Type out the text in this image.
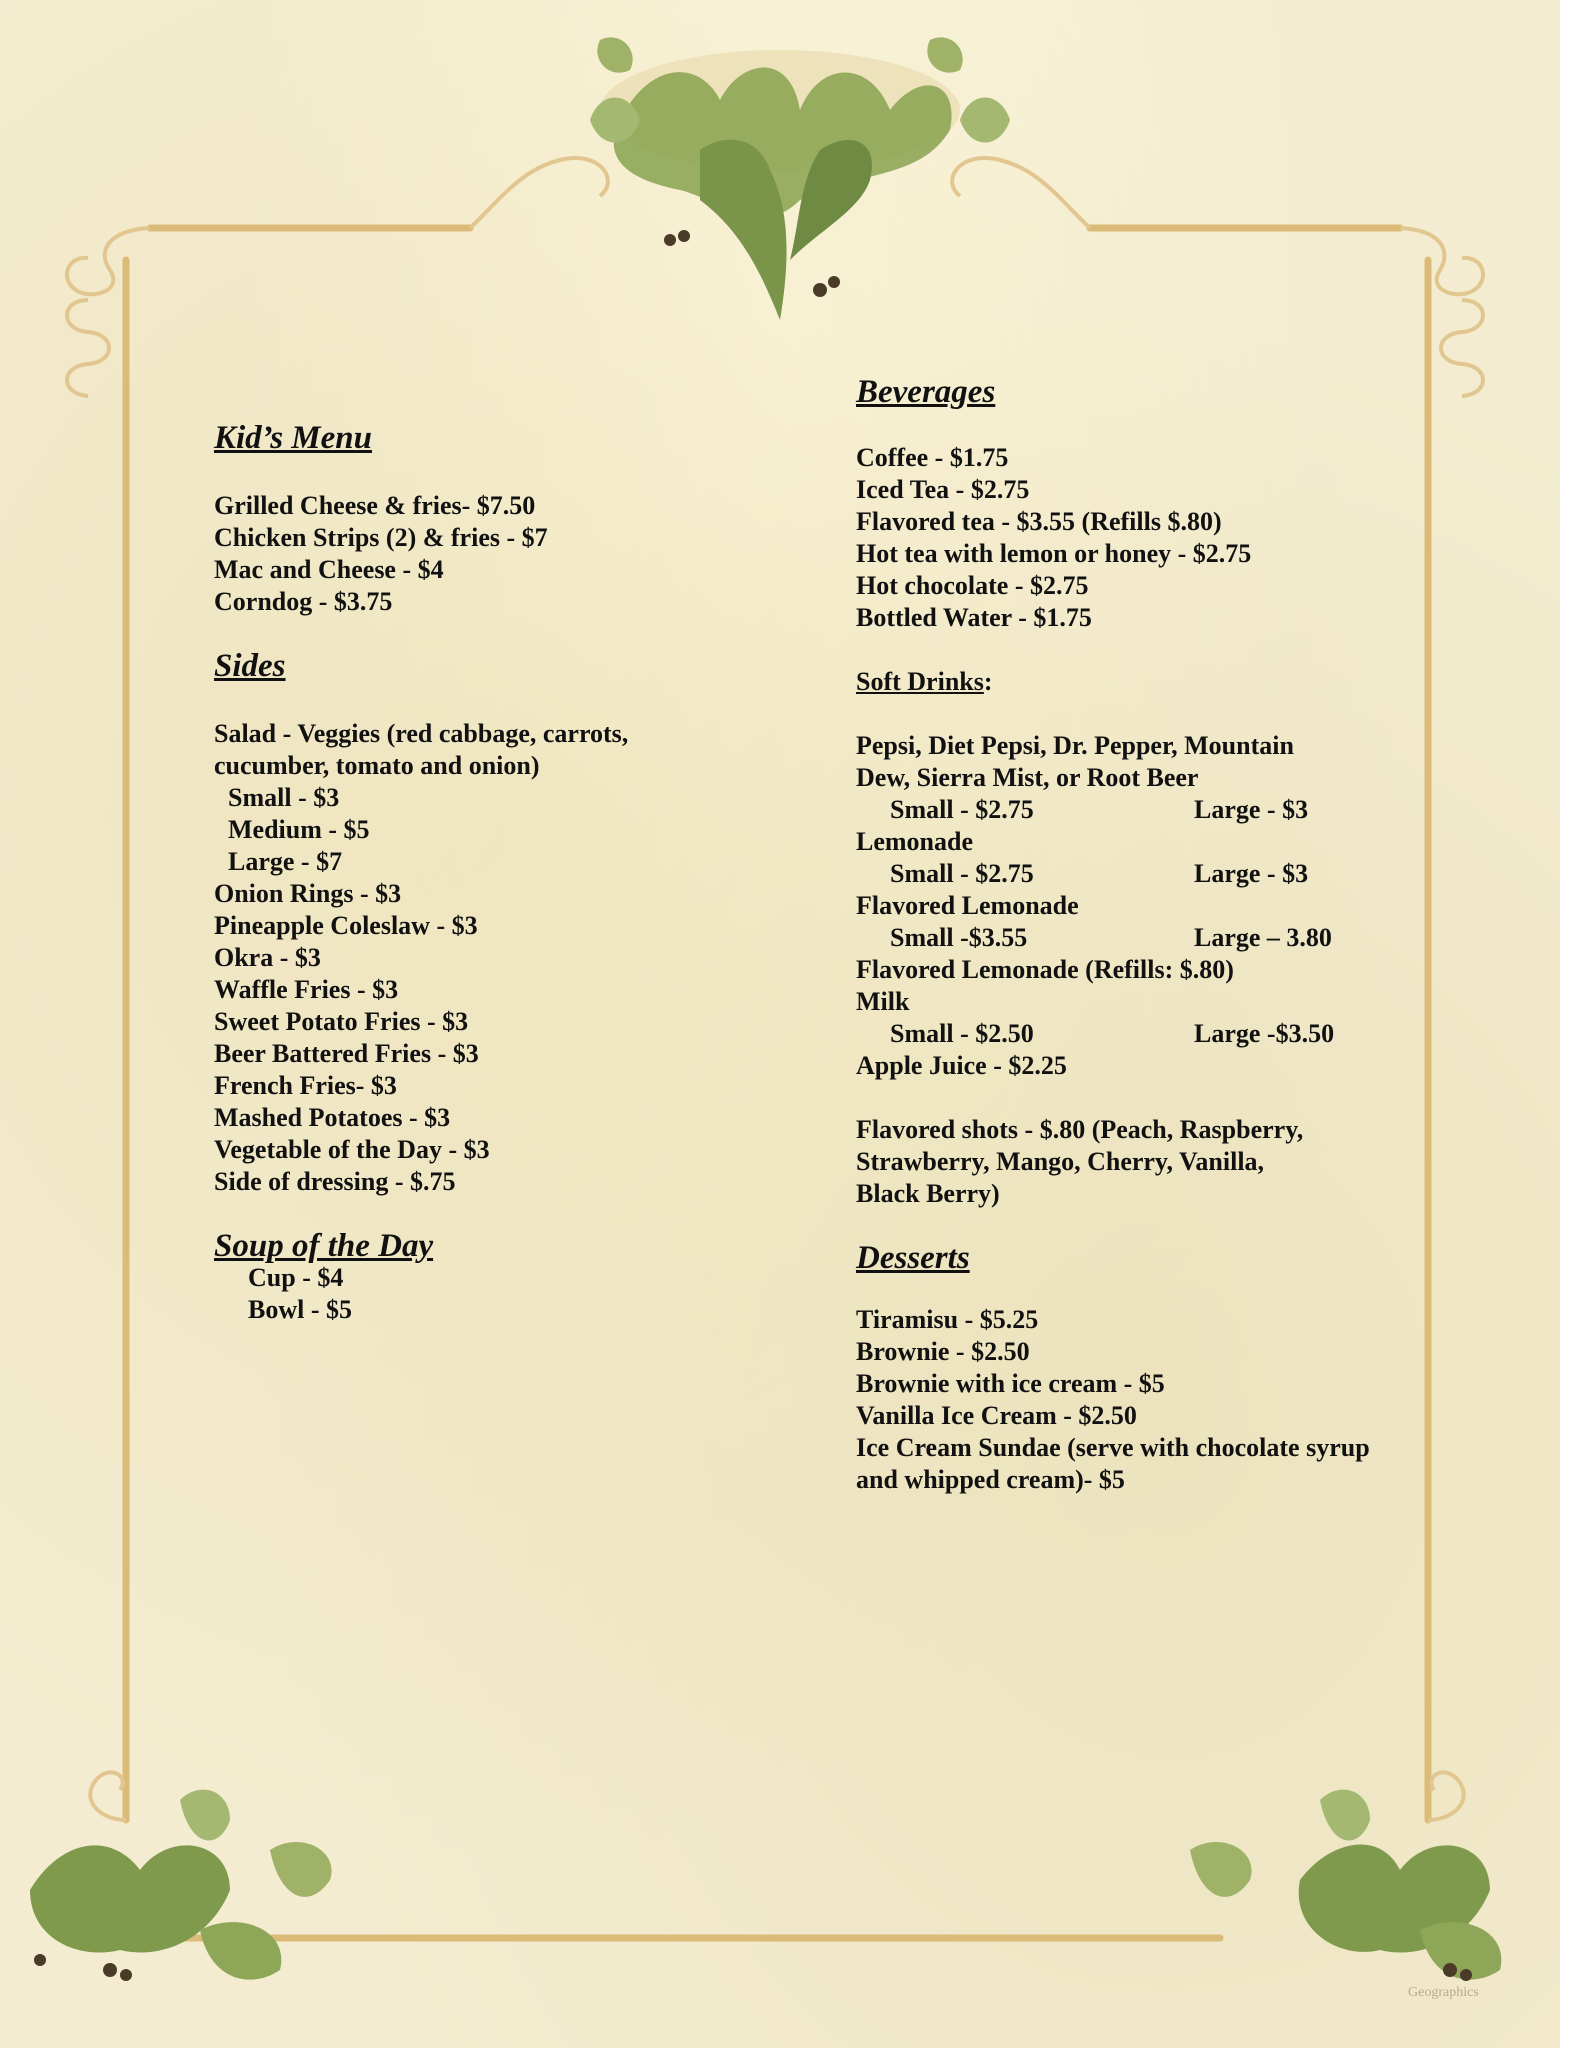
Kid’s Menu
Grilled Cheese & fries- $7.50
Chicken Strips (2) & fries - $7
Mac and Cheese - $4
Corndog - $3.75
Sides
Salad - Veggies (red cabbage, carrots,
cucumber, tomato and onion)
Small - $3
Medium - $5
Large - $7
Onion Rings - $3
Pineapple Coleslaw - $3
Okra - $3
Waffle Fries - $3
Sweet Potato Fries - $3
Beer Battered Fries - $3
French Fries- $3
Mashed Potatoes - $3
Vegetable of the Day - $3
Side of dressing - $.75
Soup of the Day
Cup - $4
Bowl - $5
Beverages
Coffee - $1.75
Iced Tea - $2.75
Flavored tea - $3.55 (Refills $.80)
Hot tea with lemon or honey - $2.75
Hot chocolate - $2.75
Bottled Water - $1.75
Soft Drinks:
Pepsi, Diet Pepsi, Dr. Pepper, Mountain
Dew, Sierra Mist, or Root Beer
Small - $2.75	Large - $3
Lemonade
Small - $2.75	Large - $3
Flavored Lemonade
Small -$3.55	Large – 3.80
Flavored Lemonade (Refills: $.80)
Milk
Small - $2.50	Large -$3.50
Apple Juice - $2.25
Flavored shots - $.80 (Peach, Raspberry,
Strawberry, Mango, Cherry, Vanilla,
Black Berry)
Desserts
Tiramisu - $5.25
Brownie - $2.50
Brownie with ice cream - $5
Vanilla Ice Cream - $2.50
Ice Cream Sundae (serve with chocolate syrup
and whipped cream)- $5
Geographics
